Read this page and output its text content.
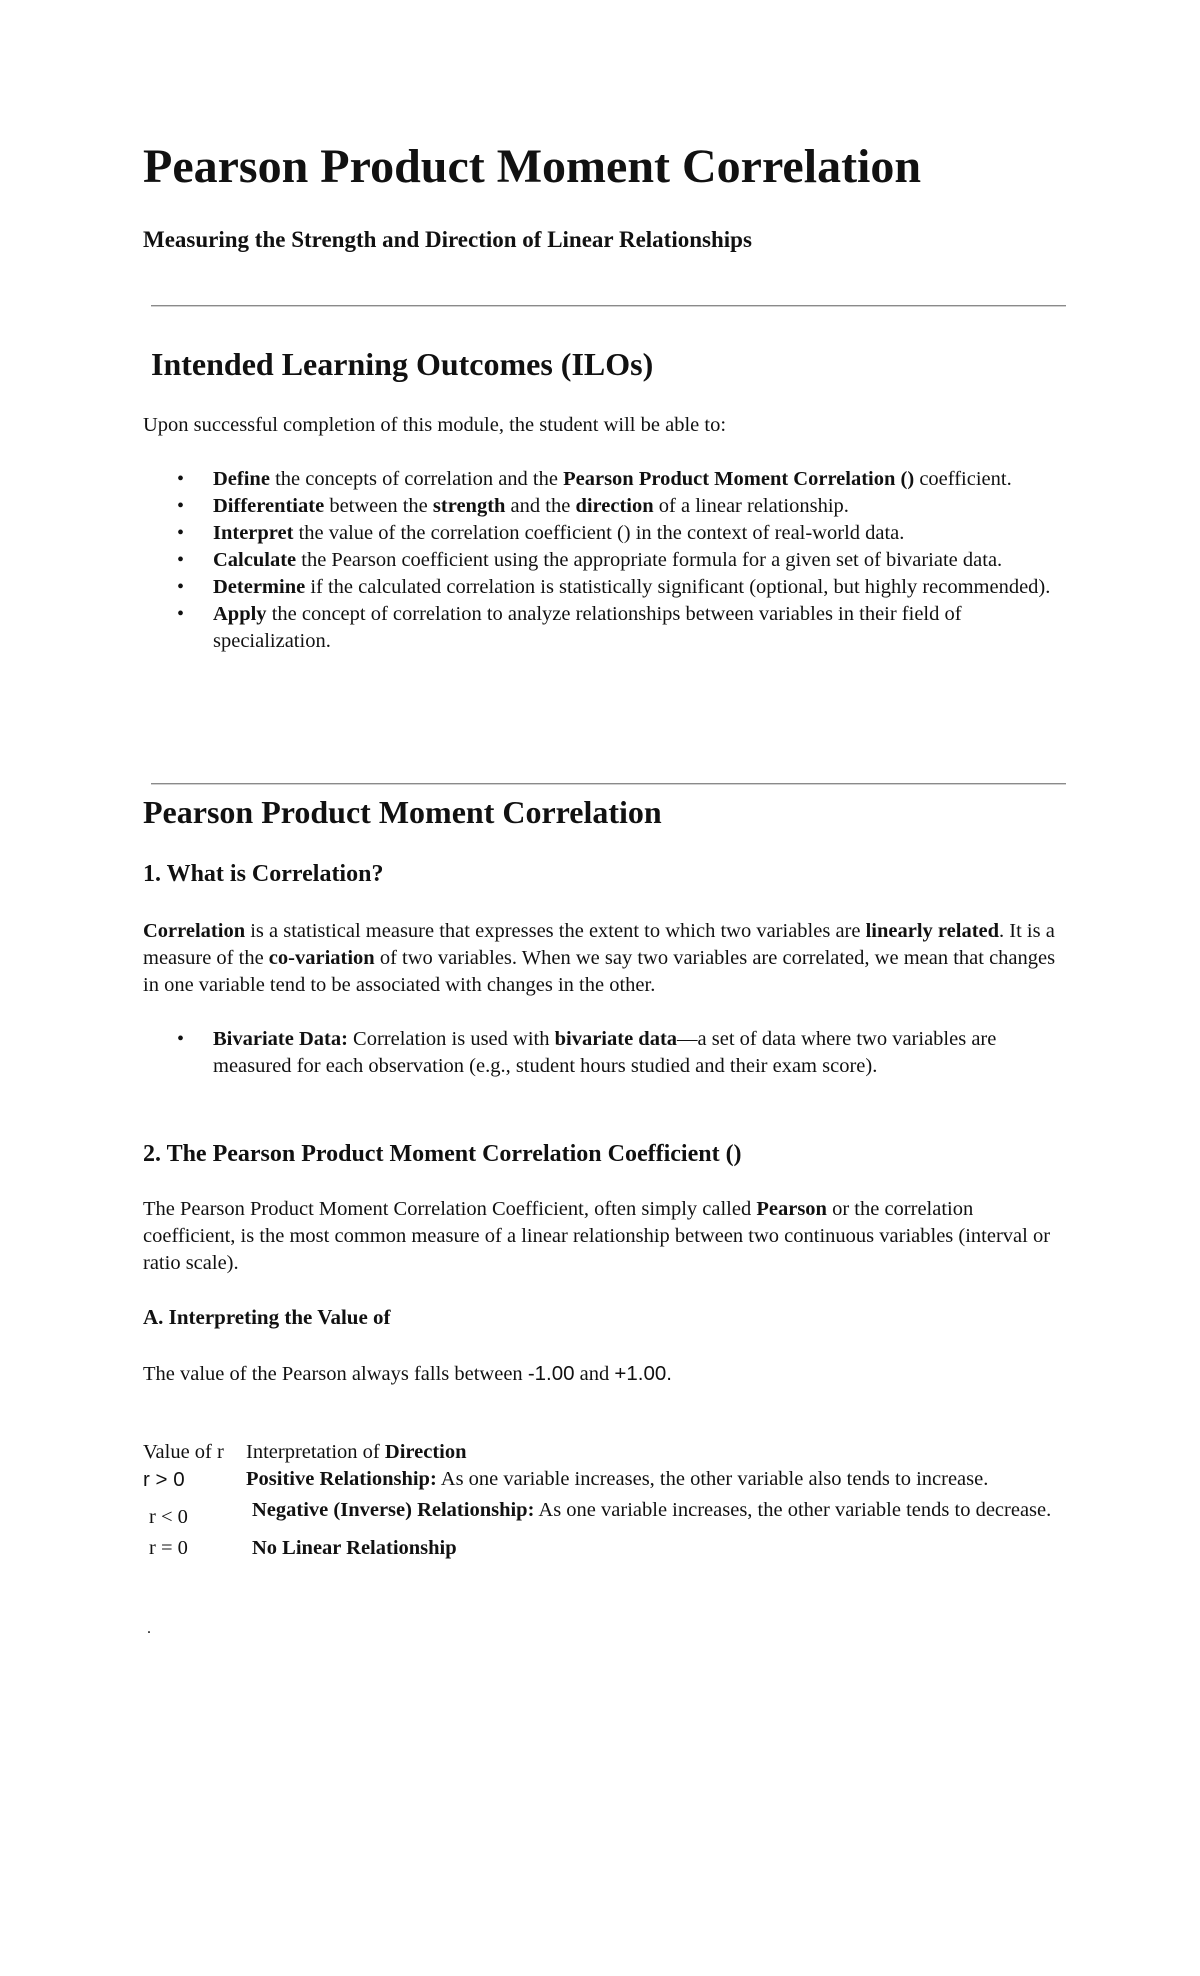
Pearson Product Moment Correlation

Measuring the Strength and Direction of Linear Relationships

Intended Learning Outcomes (ILOs)

Upon successful completion of this module, the student will be able to:

• Define the concepts of correlation and the Pearson Product Moment Correlation () coefficient.
• Differentiate between the strength and the direction of a linear relationship.
• Interpret the value of the correlation coefficient () in the context of real-world data.
• Calculate the Pearson coefficient using the appropriate formula for a given set of bivariate data.
• Determine if the calculated correlation is statistically significant (optional, but highly recommended).
• Apply the concept of correlation to analyze relationships between variables in their field of specialization.

Pearson Product Moment Correlation

1. What is Correlation?

Correlation is a statistical measure that expresses the extent to which two variables are linearly related. It is a measure of the co-variation of two variables. When we say two variables are correlated, we mean that changes in one variable tend to be associated with changes in the other.

• Bivariate Data: Correlation is used with bivariate data—a set of data where two variables are measured for each observation (e.g., student hours studied and their exam score).

2. The Pearson Product Moment Correlation Coefficient ()

The Pearson Product Moment Correlation Coefficient, often simply called Pearson or the correlation coefficient, is the most common measure of a linear relationship between two continuous variables (interval or ratio scale).

A. Interpreting the Value of

The value of the Pearson always falls between -1.00 and +1.00.

Value of r	Interpretation of Direction
r > 0	Positive Relationship: As one variable increases, the other variable also tends to increase.
r < 0	Negative (Inverse) Relationship: As one variable increases, the other variable tends to decrease.
r = 0	No Linear Relationship
.
